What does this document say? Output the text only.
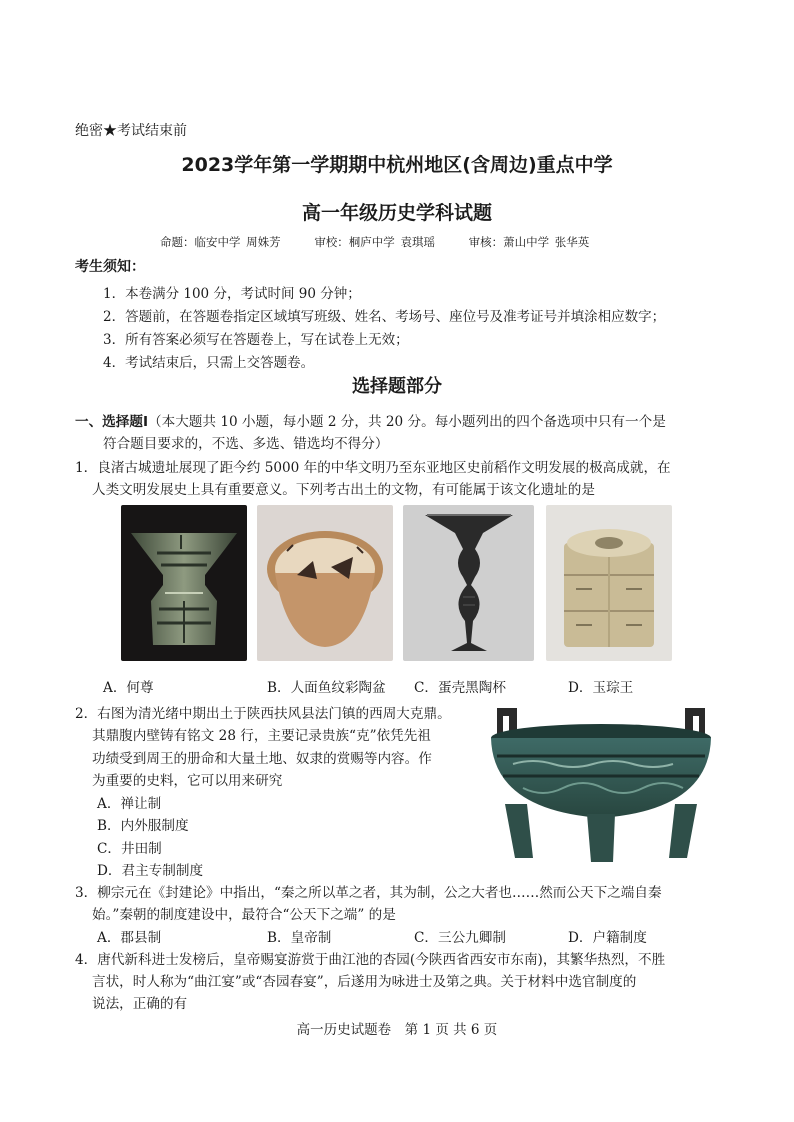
绝密★考试结束前
2023学年第一学期期中杭州地区(含周边)重点中学
高一年级历史学科试题
命题：临安中学 周姝芳	审校：桐庐中学 袁琪瑶	审核：萧山中学 张华英
考生须知：
1．本卷满分 100 分，考试时间 90 分钟；
2．答题前，在答题卷指定区域填写班级、姓名、考场号、座位号及准考证号并填涂相应数字；
3．所有答案必须写在答题卷上，写在试卷上无效；
4．考试结束后，只需上交答题卷。
选择题部分
一、选择题Ⅰ（本大题共 10 小题，每小题 2 分，共 20 分。每小题列出的四个备选项中只有一个是
符合题目要求的，不选、多选、错选均不得分）
1．良渚古城遗址展现了距今约 5000 年的中华文明乃至东亚地区史前稻作文明发展的极高成就，在
人类文明发展史上具有重要意义。下列考古出土的文物，有可能属于该文化遗址的是
A．何尊	B．人面鱼纹彩陶盆 C．蛋壳黑陶杯	D．玉琮王
2．右图为清光绪中期出土于陕西扶风县法门镇的西周大克鼎。
其鼎腹内壁铸有铭文 28 行，主要记录贵族“克”依凭先祖
功绩受到周王的册命和大量土地、奴隶的赏赐等内容。作
为重要的史料，它可以用来研究
A．禅让制
B．内外服制度
C．井田制
D．君主专制制度
3．柳宗元在《封建论》中指出，“秦之所以革之者，其为制，公之大者也……然而公天下之端自秦
始。”秦朝的制度建设中，最符合“公天下之端” 的是
A．郡县制	B．皇帝制	C．三公九卿制	D．户籍制度
4．唐代新科进士发榜后，皇帝赐宴游赏于曲江池的杏园(今陕西省西安市东南)，其繁华热烈，不胜
言状，时人称为“曲江宴”或“杏园春宴”，后遂用为咏进士及第之典。关于材料中选官制度的
说法，正确的有
高一历史试题卷　第 1 页 共 6 页
